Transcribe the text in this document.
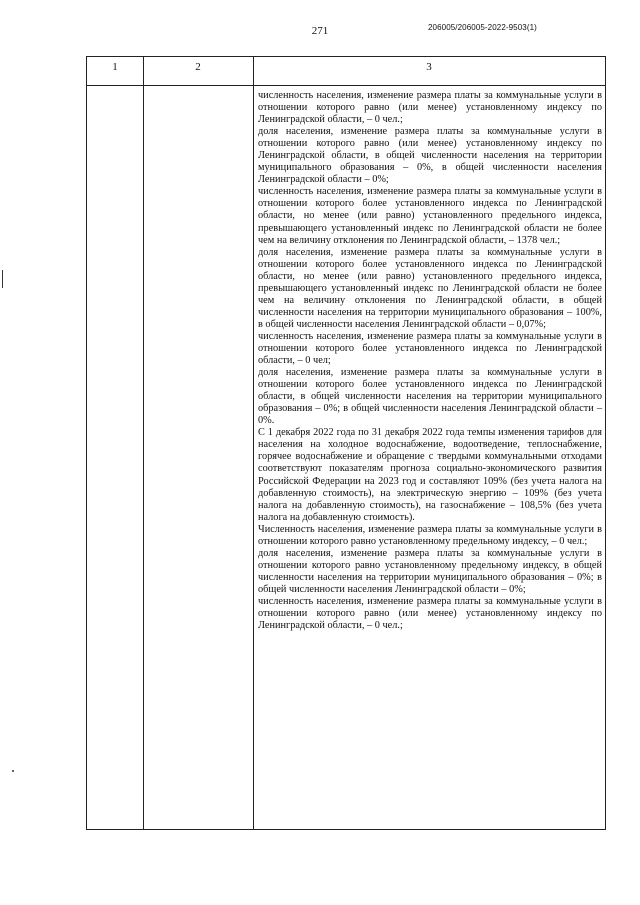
271	206005/206005-2022-9503(1)
1	2	3

численность населения, изменение размера платы за коммунальные услуги в отношении которого равно (или менее) установленному индексу по Ленинградской области, – 0 чел.;

доля населения, изменение размера платы за коммунальные услуги в отношении которого равно (или менее) установленному индексу по Ленинградской области, в общей численности населения на территории муниципального образования – 0%, в общей численности населения Ленинградской области – 0%;

численность населения, изменение размера платы за коммунальные услуги в отношении которого более установленного индекса по Ленинградской области, но менее (или равно) установленного предельного индекса, превышающего установленный индекс по Ленинградской области не более чем на величину отклонения по Ленинградской области, – 1378 чел.;

доля населения, изменение размера платы за коммунальные услуги в отношении которого более установленного индекса по Ленинградской области, но менее (или равно) установленного предельного индекса, превышающего установленный индекс по Ленинградской области не более чем на величину отклонения по Ленинградской области, в общей численности населения на территории муниципального образования – 100%, в общей численности населения Ленинградской области – 0,07%;

численность населения, изменение размера платы за коммунальные услуги в отношении которого более установленного индекса по Ленинградской области, – 0 чел;

доля населения, изменение размера платы за коммунальные услуги в отношении которого более установленного индекса по Ленинградской области, в общей численности населения на территории муниципального образования – 0%; в общей численности населения Ленинградской области – 0%.

С 1 декабря 2022 года по 31 декабря 2022 года темпы изменения тарифов для населения на холодное водоснабжение, водоотведение, теплоснабжение, горячее водоснабжение и обращение с твердыми коммунальными отходами соответствуют показателям прогноза социально-экономического развития Российской Федерации на 2023 год и составляют 109% (без учета налога на добавленную стоимость), на электрическую энергию – 109% (без учета налога на добавленную стоимость), на газоснабжение – 108,5% (без учета налога на добавленную стоимость).

Численность населения, изменение размера платы за коммунальные услуги в отношении которого равно установленному предельному индексу, – 0 чел.;

доля населения, изменение размера платы за коммунальные услуги в отношении которого равно установленному предельному индексу, в общей численности населения на территории муниципального образования – 0%; в общей численности населения Ленинградской области – 0%;

численность населения, изменение размера платы за коммунальные услуги в отношении которого равно (или менее) установленному индексу по Ленинградской области, – 0 чел.;
